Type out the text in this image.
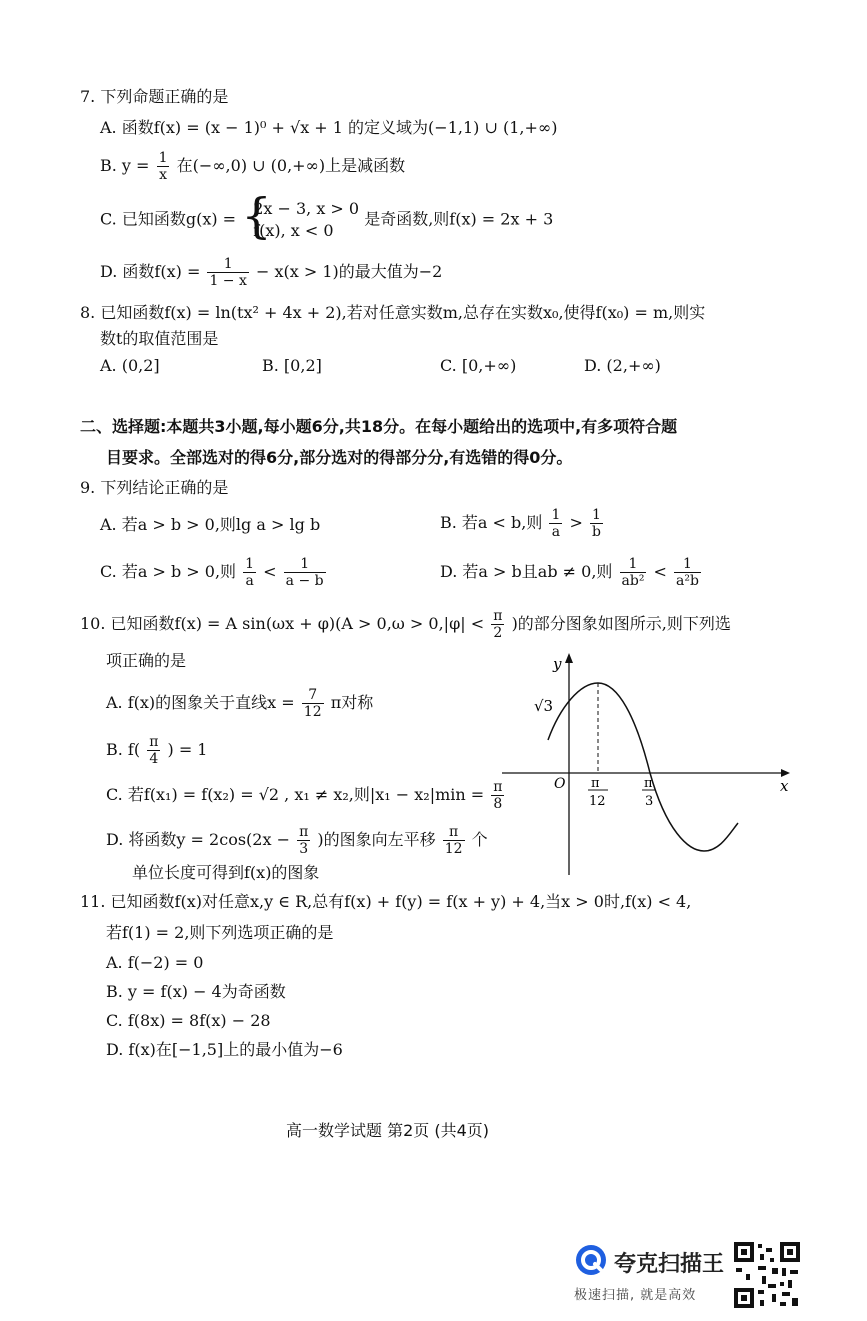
7. 下列命题正确的是
A. 函数f(x) = (x − 1)⁰ + √x + 1 的定义域为(−1,1) ∪ (1,+∞)
B. $y = \frac{1}{x}$ 在(−∞,0) ∪ (0,+∞)上是减函数
C. 已知函数g(x) =
{ 2x − 3, x > 0
f(x), x < 0
是奇函数,则f(x) = 2x + 3
D. 函数$f(x) = \frac{1}{1 - x} - x(x > 1)$的最大值为−2
8. 已知函数f(x) = ln(tx² + 4x + 2),若对任意实数m,总存在实数x₀,使得f(x₀) = m,则实
数t的取值范围是
A. (0,2]	B. [0,2]	C. [0,+∞)	D. (2,+∞)
二、选择题:本题共3小题,每小题6分,共18分。在每小题给出的选项中,有多项符合题
目要求。全部选对的得6分,部分选对的得部分分,有选错的得0分。
9. 下列结论正确的是
A. 若a > b > 0,则lg a > lg b	B. 若a < b,则 $\frac{1}{a} > \frac{1}{b}$
C. 若a > b > 0,则 $\frac{1}{a} < \frac{1}{a - b}$	D. 若a > b且ab ≠ 0,则 $\frac{1}{\text{ab²}} < \frac{1}{\text{a²b}}$
10. 已知函数f(x) = A $\sin(\omega x + \varphi)(A > 0,\omega > 0,|\varphi| < \frac{\pi}{2}$ )的部分图象如图所示,则下列选
项正确的是
A. f(x)的图象关于直线$x = \frac{7}{12}$ π对称
B. $f( \frac{\pi}{4}$ ) = 1
C. 若f(x₁) = f(x₂) = √2 , x₁ ≠ x₂,则$|x_1 - x_2|\min = \frac{\pi}{8}$
D. 将函数$y = 2\cos(2x - \frac{\pi}{3}$ )的图象向左平移 $\frac{\pi}{12}$ 个
单位长度可得到f(x)的图象
y
x
O
√3
π
12
π
3
11. 已知函数f(x)对任意x,y ∈ R,总有f(x) + f(y) = f(x + y) + 4,当x > 0时,f(x) < 4,
若f(1) = 2,则下列选项正确的是
A. f(−2) = 0
B. y = f(x) − 4为奇函数
C. f(8x) = 8f(x) − 28
D. f(x)在[−1,5]上的最小值为−6
高一数学试题 第2页 (共4页)
夸克扫描王
极速扫描, 就是高效
